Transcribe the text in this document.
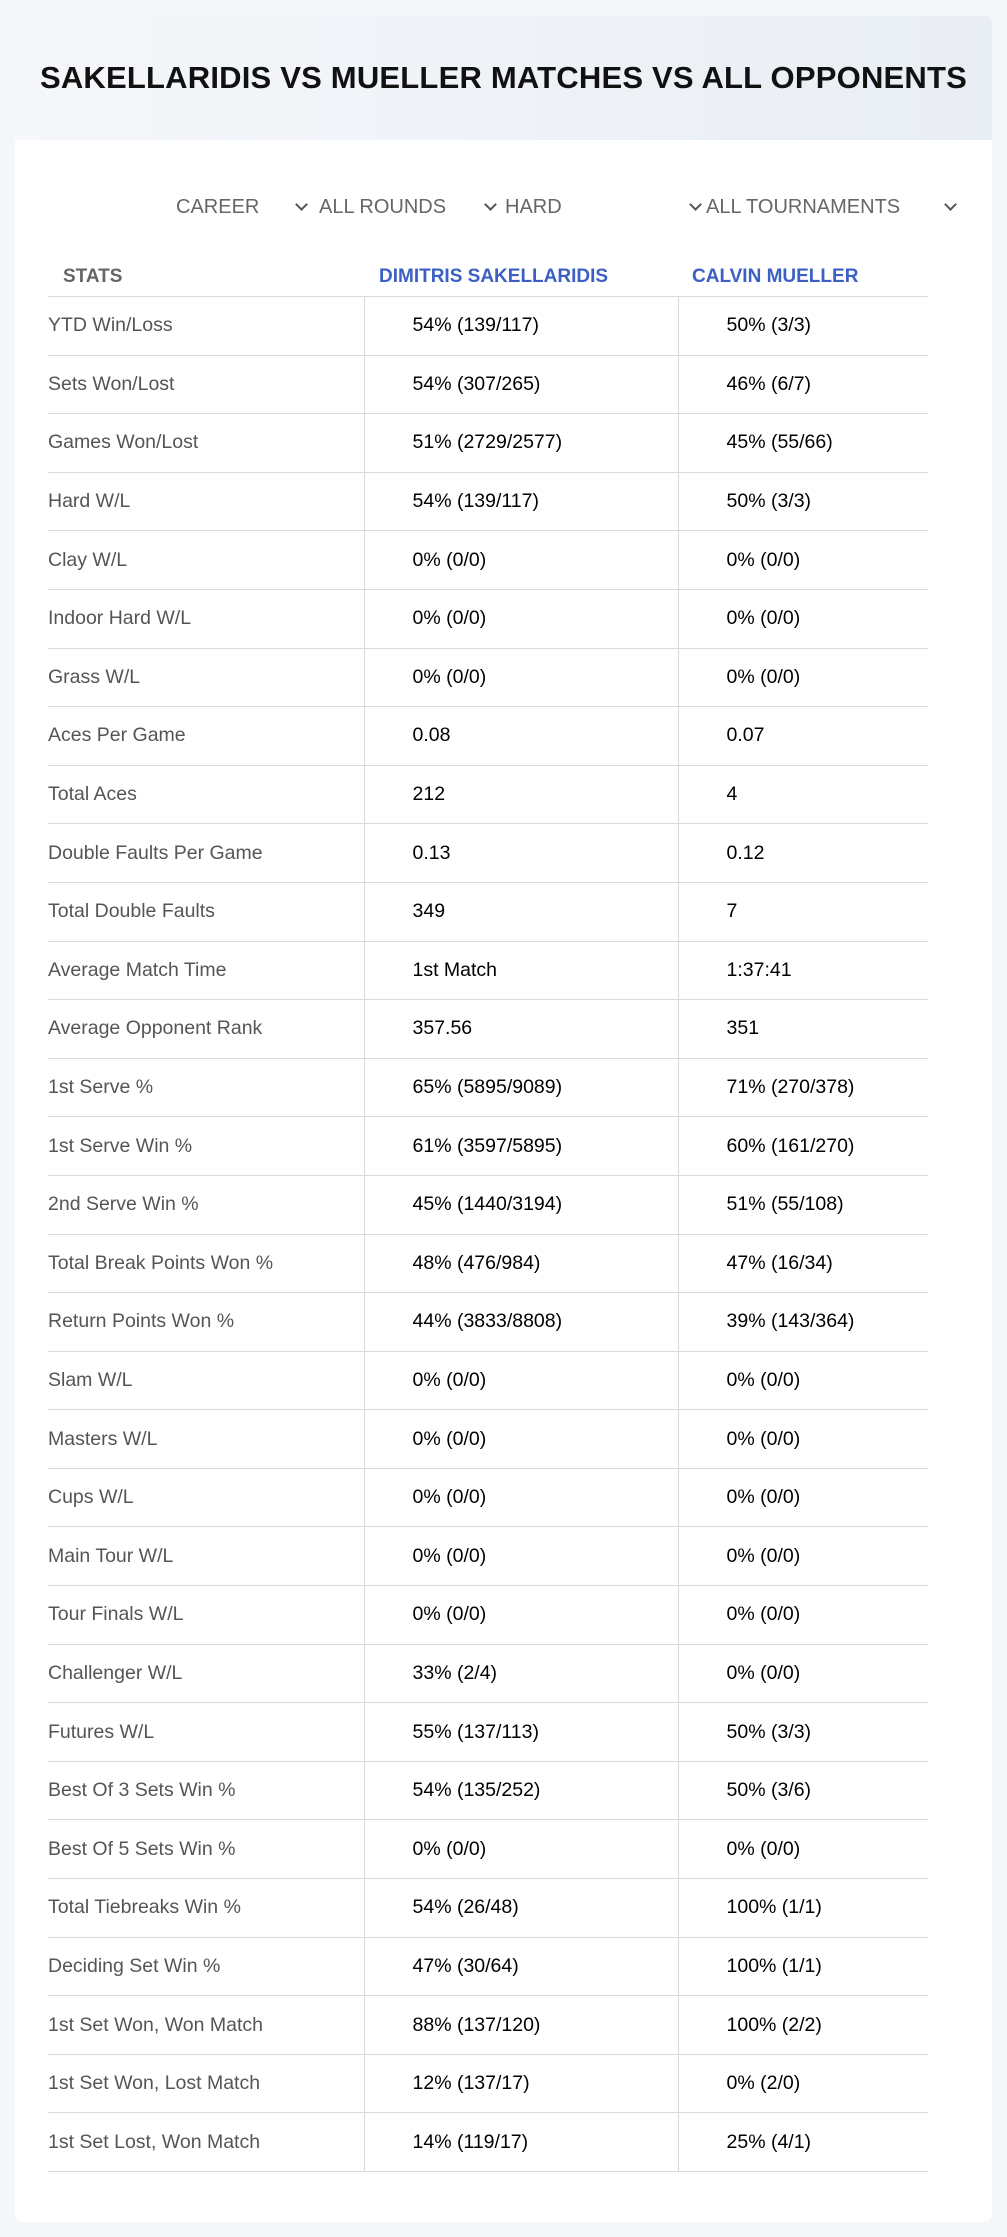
SAKELLARIDIS VS MUELLER MATCHES VS ALL OPPONENTS
CAREER	ALL ROUNDS	HARD	ALL TOURNAMENTS
STATS	DIMITRIS SAKELLARIDIS	CALVIN MUELLER
YTD Win/Loss	54% (139/117)	50% (3/3)
Sets Won/Lost	54% (307/265)	46% (6/7)
Games Won/Lost	51% (2729/2577)	45% (55/66)
Hard W/L	54% (139/117)	50% (3/3)
Clay W/L	0% (0/0)	0% (0/0)
Indoor Hard W/L	0% (0/0)	0% (0/0)
Grass W/L	0% (0/0)	0% (0/0)
Aces Per Game	0.08	0.07
Total Aces	212	4
Double Faults Per Game	0.13	0.12
Total Double Faults	349	7
Average Match Time	1st Match	1:37:41
Average Opponent Rank	357.56	351
1st Serve %	65% (5895/9089)	71% (270/378)
1st Serve Win %	61% (3597/5895)	60% (161/270)
2nd Serve Win %	45% (1440/3194)	51% (55/108)
Total Break Points Won %	48% (476/984)	47% (16/34)
Return Points Won %	44% (3833/8808)	39% (143/364)
Slam W/L	0% (0/0)	0% (0/0)
Masters W/L	0% (0/0)	0% (0/0)
Cups W/L	0% (0/0)	0% (0/0)
Main Tour W/L	0% (0/0)	0% (0/0)
Tour Finals W/L	0% (0/0)	0% (0/0)
Challenger W/L	33% (2/4)	0% (0/0)
Futures W/L	55% (137/113)	50% (3/3)
Best Of 3 Sets Win %	54% (135/252)	50% (3/6)
Best Of 5 Sets Win %	0% (0/0)	0% (0/0)
Total Tiebreaks Win %	54% (26/48)	100% (1/1)
Deciding Set Win %	47% (30/64)	100% (1/1)
1st Set Won, Won Match	88% (137/120)	100% (2/2)
1st Set Won, Lost Match	12% (137/17)	0% (2/0)
1st Set Lost, Won Match	14% (119/17)	25% (4/1)
